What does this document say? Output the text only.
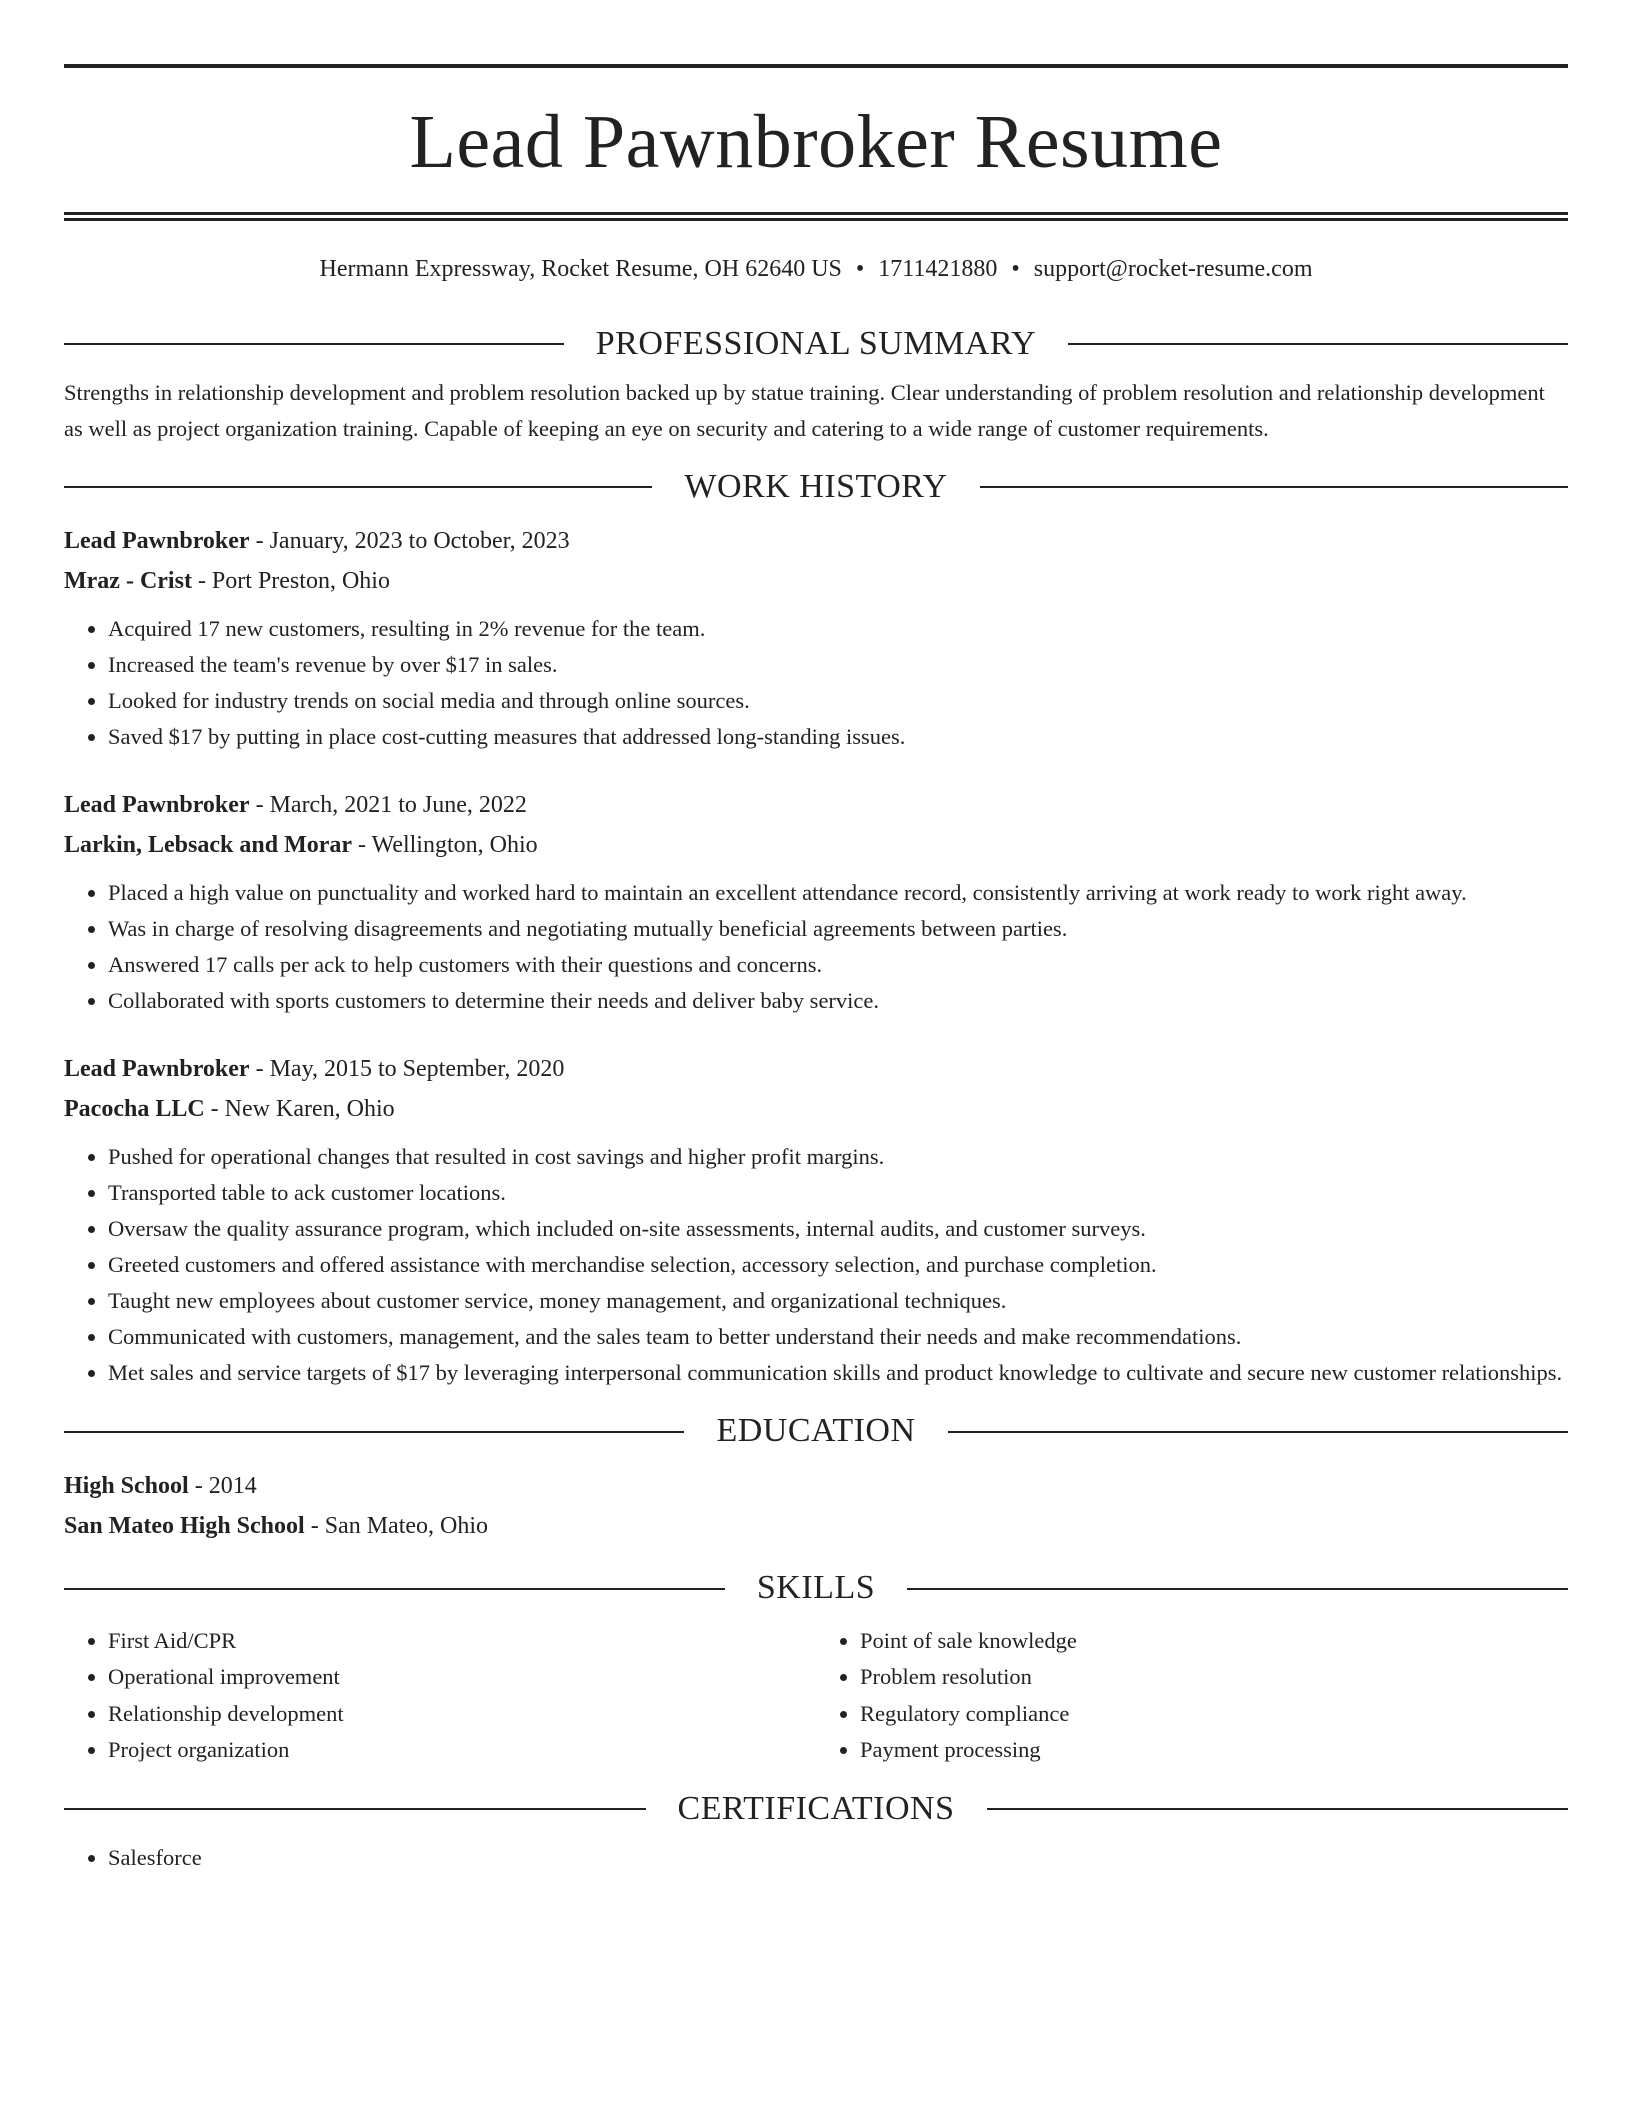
Lead Pawnbroker Resume
Hermann Expressway, Rocket Resume, OH 62640 US • 1711421880 • support@rocket-resume.com
PROFESSIONAL SUMMARY
Strengths in relationship development and problem resolution backed up by statue training. Clear understanding of problem resolution and relationship development as well as project organization training. Capable of keeping an eye on security and catering to a wide range of customer requirements.
WORK HISTORY
Lead Pawnbroker - January, 2023 to October, 2023
Mraz - Crist - Port Preston, Ohio
• Acquired 17 new customers, resulting in 2% revenue for the team.
• Increased the team's revenue by over $17 in sales.
• Looked for industry trends on social media and through online sources.
• Saved $17 by putting in place cost-cutting measures that addressed long-standing issues.
Lead Pawnbroker - March, 2021 to June, 2022
Larkin, Lebsack and Morar - Wellington, Ohio
• Placed a high value on punctuality and worked hard to maintain an excellent attendance record, consistently arriving at work ready to work right away.
• Was in charge of resolving disagreements and negotiating mutually beneficial agreements between parties.
• Answered 17 calls per ack to help customers with their questions and concerns.
• Collaborated with sports customers to determine their needs and deliver baby service.
Lead Pawnbroker - May, 2015 to September, 2020
Pacocha LLC - New Karen, Ohio
• Pushed for operational changes that resulted in cost savings and higher profit margins.
• Transported table to ack customer locations.
• Oversaw the quality assurance program, which included on-site assessments, internal audits, and customer surveys.
• Greeted customers and offered assistance with merchandise selection, accessory selection, and purchase completion.
• Taught new employees about customer service, money management, and organizational techniques.
• Communicated with customers, management, and the sales team to better understand their needs and make recommendations.
• Met sales and service targets of $17 by leveraging interpersonal communication skills and product knowledge to cultivate and secure new customer relationships.
EDUCATION
High School - 2014
San Mateo High School - San Mateo, Ohio
SKILLS
• First Aid/CPR
• Operational improvement
• Relationship development
• Project organization
• Point of sale knowledge
• Problem resolution
• Regulatory compliance
• Payment processing
CERTIFICATIONS
• Salesforce
